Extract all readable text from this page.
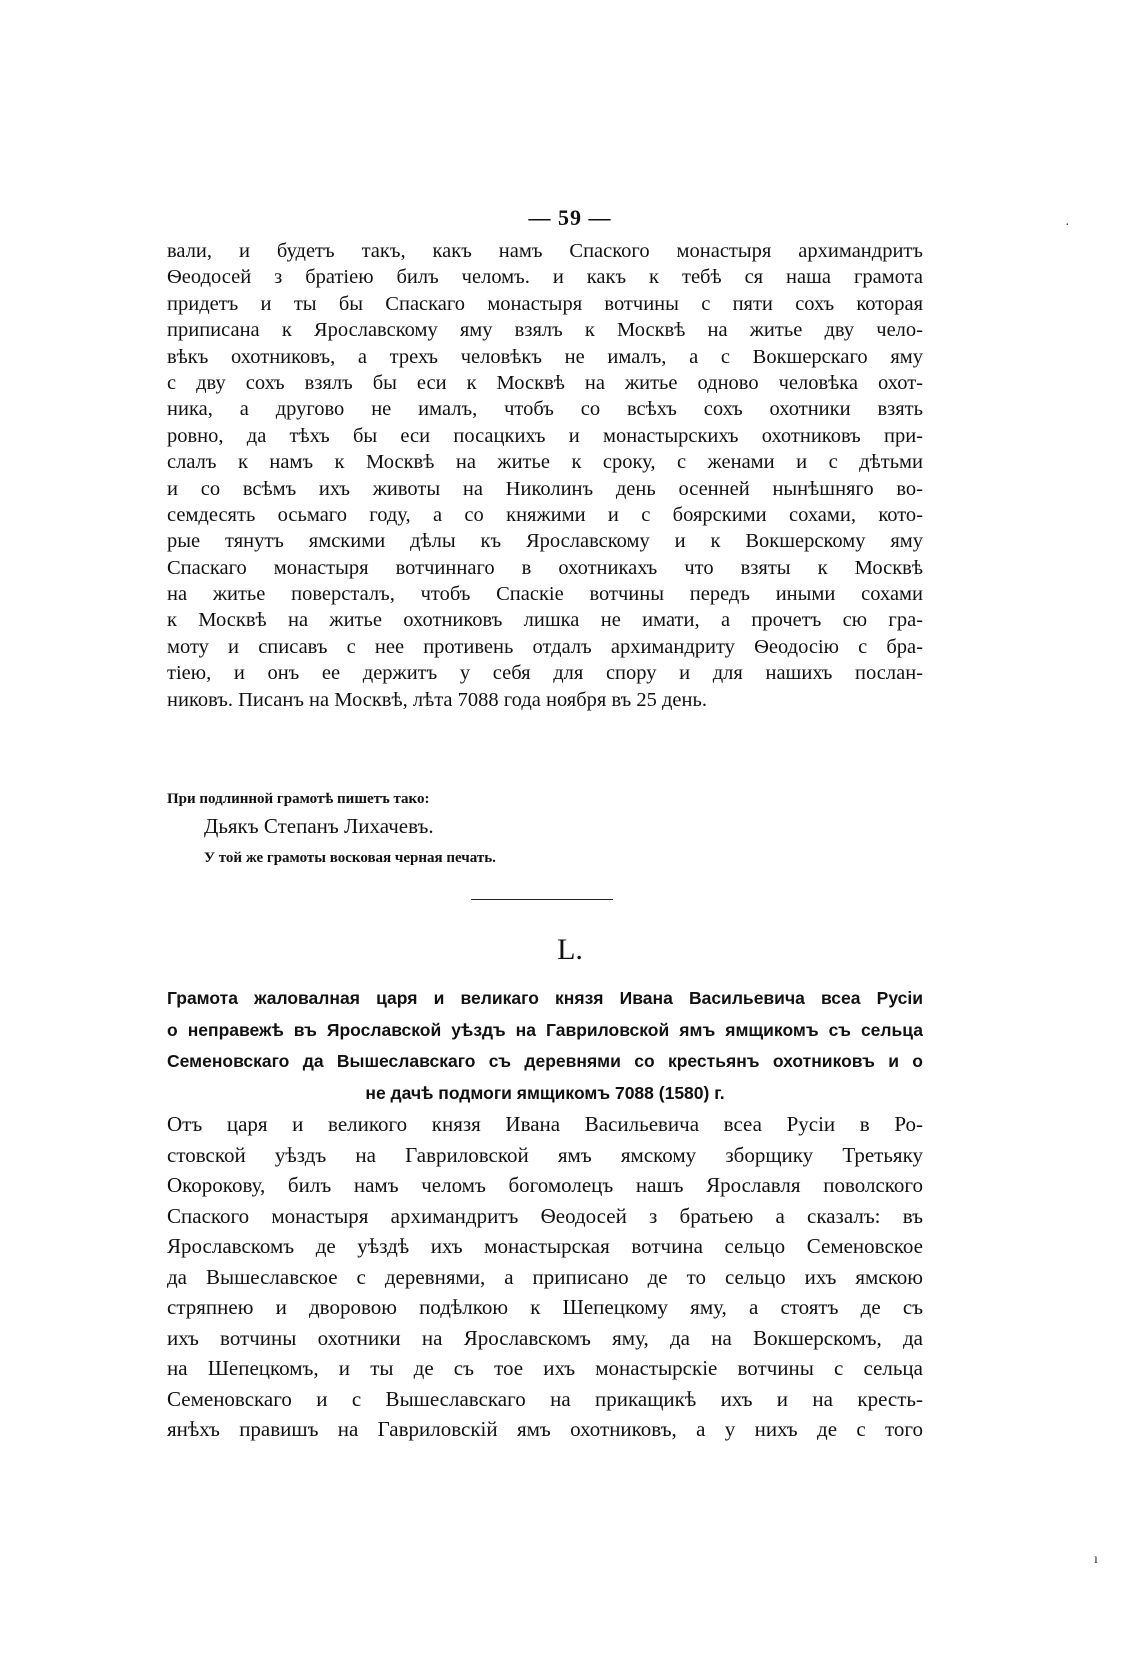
— 59 —
вали, и будетъ такъ, какъ намъ Спаского монастыря архимандритъ
Ѳеодосей з братiею билъ челомъ. и какъ к тебѣ ся наша грамота
придетъ и ты бы Спаскаго монастыря вотчины с пяти сохъ которая
приписана к Ярославскому яму взялъ к Москвѣ на житье дву чело-
вѣкъ охотниковъ, а трехъ человѣкъ не ималъ, а с Вокшерскаго яму
с дву сохъ взялъ бы еси к Москвѣ на житье одново человѣка охот-
ника, а другово не ималъ, чтобъ со всѣхъ сохъ охотники взять
ровно, да тѣхъ бы еси посацкихъ и монастырскихъ охотниковъ при-
слалъ к намъ к Москвѣ на житье к сроку, с женами и с дѣтьми
и со всѣмъ ихъ животы на Николинъ день осенней нынѣшняго во-
семдесять осьмаго году, а со княжими и с боярскими сохами, кото-
рые тянутъ ямскими дѣлы къ Ярославскому и к Вокшерскому яму
Спаскаго монастыря вотчиннаго в охотникахъ что взяты к Москвѣ
на житье поверсталъ, чтобъ Спаскiе вотчины передъ иными сохами
к Москвѣ на житье охотниковъ лишка не имати, а прочетъ сю гра-
моту и списавъ с нее противень отдалъ архимандриту Ѳеодосiю с бра-
тiею, и онъ ее держитъ у себя для спору и для нашихъ послан-
никовъ. Писанъ на Москвѣ, лѣта 7088 года ноября въ 25 день.
При подлинной грамотѣ пишетъ тако:
Дьякъ Степанъ Лихачевъ.
У той же грамоты восковая черная печать.
L.
Грамота жаловалная царя и великаго князя Ивана Васильевича всеа Русiи
о неправежѣ въ Ярославской уѣздъ на Гавриловской ямъ ямщикомъ съ сельца
Семеновскаго да Вышеславскаго съ деревнями со крестьянъ охотниковъ и о
не дачѣ подмоги ямщикомъ 7088 (1580) г.
Отъ царя и великого князя Ивана Васильевича всеа Русiи в Ро-
стовской уѣздъ на Гавриловской ямъ ямскому зборщику Третьяку
Окорокову, билъ намъ челомъ богомолецъ нашъ Ярославля поволского
Спаского монастыря архимандритъ Ѳеодосей з братьею а сказалъ: въ
Ярославскомъ де уѣздѣ ихъ монастырская вотчина сельцо Семеновское
да Вышеславское с деревнями, а приписано де то сельцо ихъ ямскою
стряпнею и дворовою подѣлкою к Шепецкому яму, а стоятъ де съ
ихъ вотчины охотники на Ярославскомъ яму, да на Вокшерскомъ, да
на Шепецкомъ, и ты де съ тое ихъ монастырскiе вотчины с сельца
Семеновскаго и с Вышеславскаго на прикащикѣ ихъ и на кресть-
янѣхъ правишъ на Гавриловскiй ямъ охотниковъ, а у нихъ де с того
·
ı
